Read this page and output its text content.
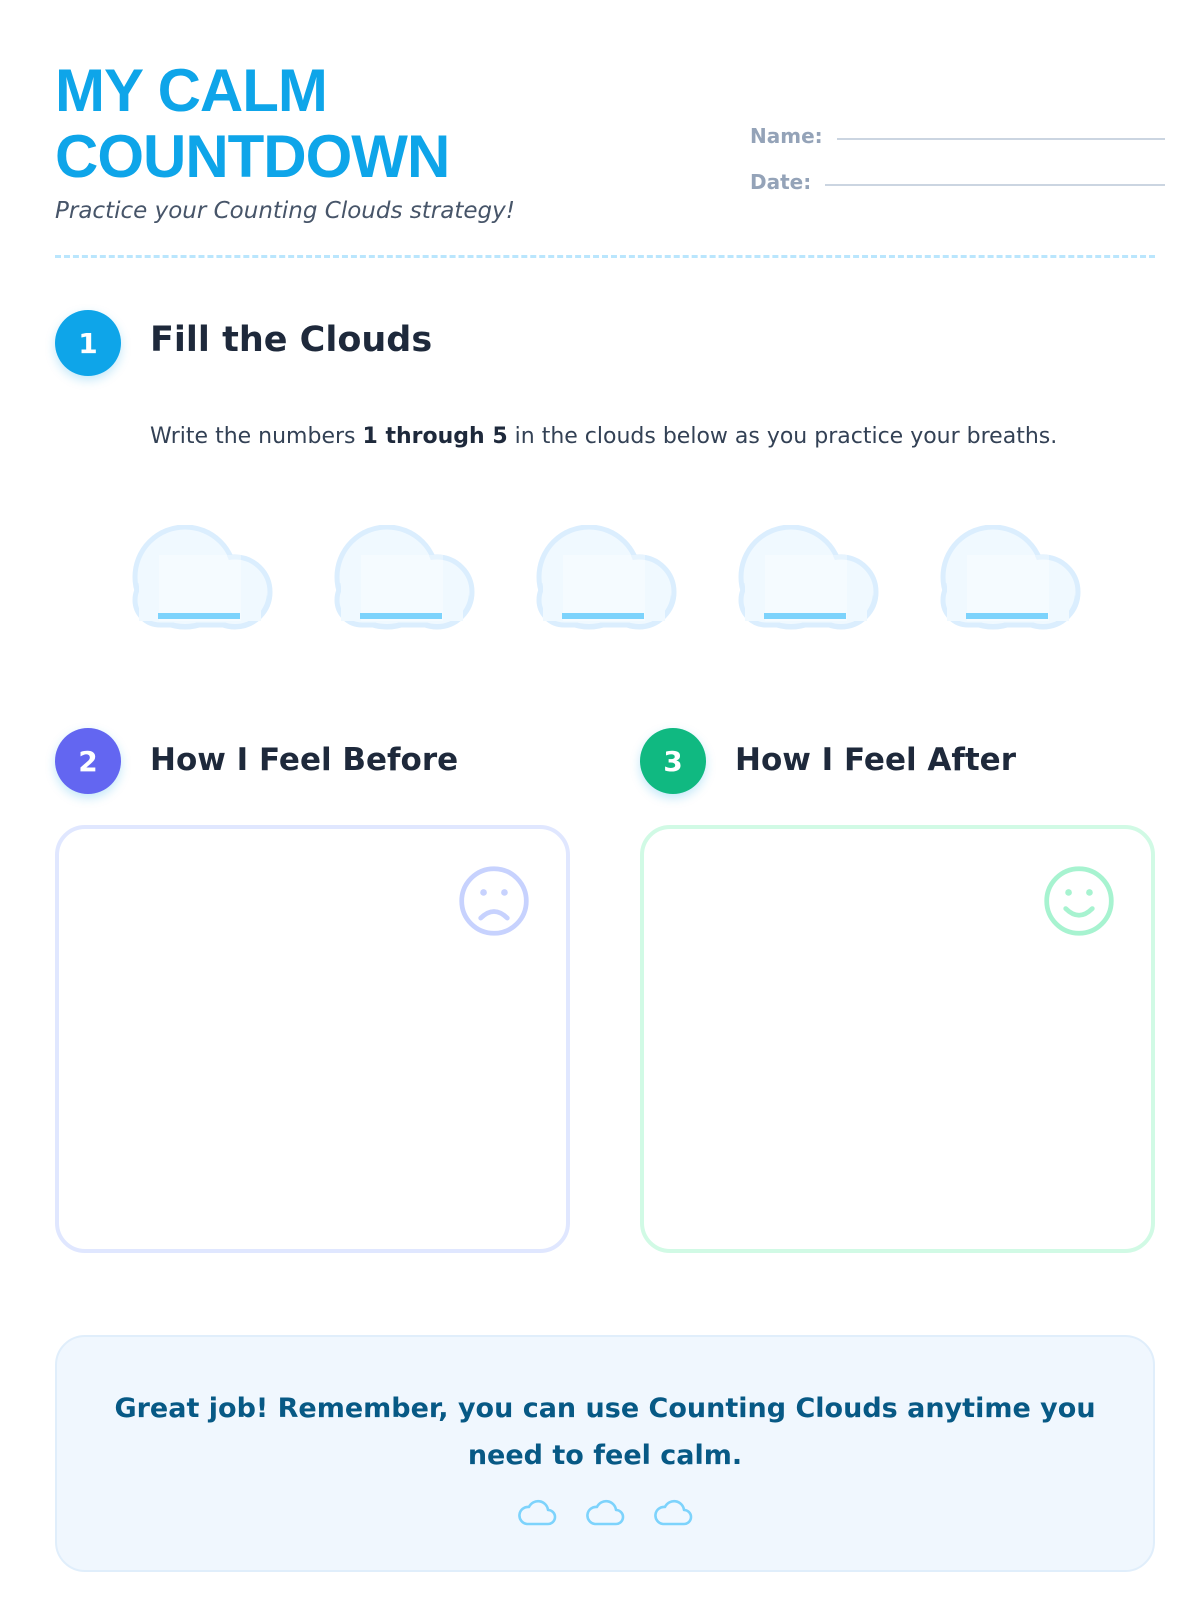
MY CALM
COUNTDOWN
Practice your Counting Clouds strategy!
Name:
Date:
1	Fill the Clouds
Write the numbers 1 through 5 in the clouds below as you practice your breaths.
2	How I Feel Before	3	How I Feel After
Great job! Remember, you can use Counting Clouds anytime you need to feel calm.
